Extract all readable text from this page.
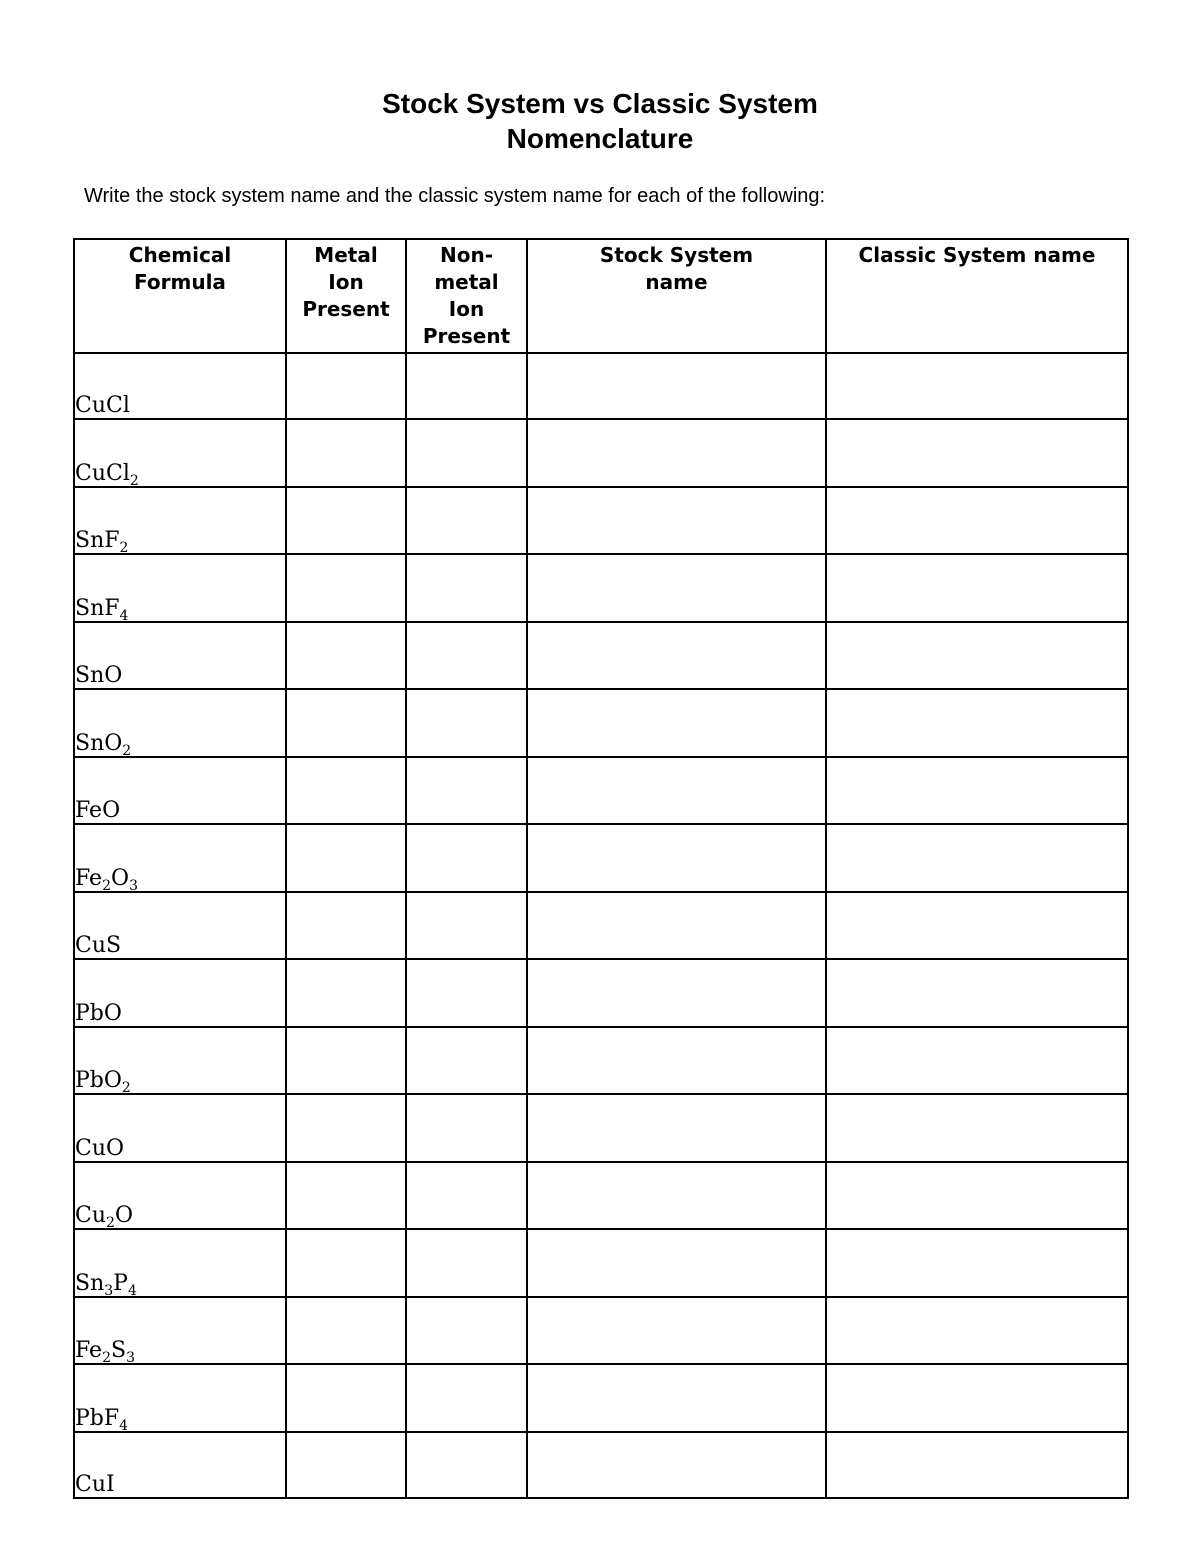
Stock System vs Classic System
Nomenclature
Write the stock system name and the classic system name for each of the following:
Chemical Formula	Metal Ion Present	Non-metal Ion Present	Stock System name	Classic System name

CuCl				
CuCl$_2$				
SnF$_2$				
SnF$_4$				
SnO				
SnO$_2$				
FeO				
$Fe_2O_3$				
CuS				
PbO				
PbO$_2$				
CuO				
$Cu_2O$				
$Sn_3P_4$				
$Fe_2S_3$				
PbF$_4$				
CuI				
